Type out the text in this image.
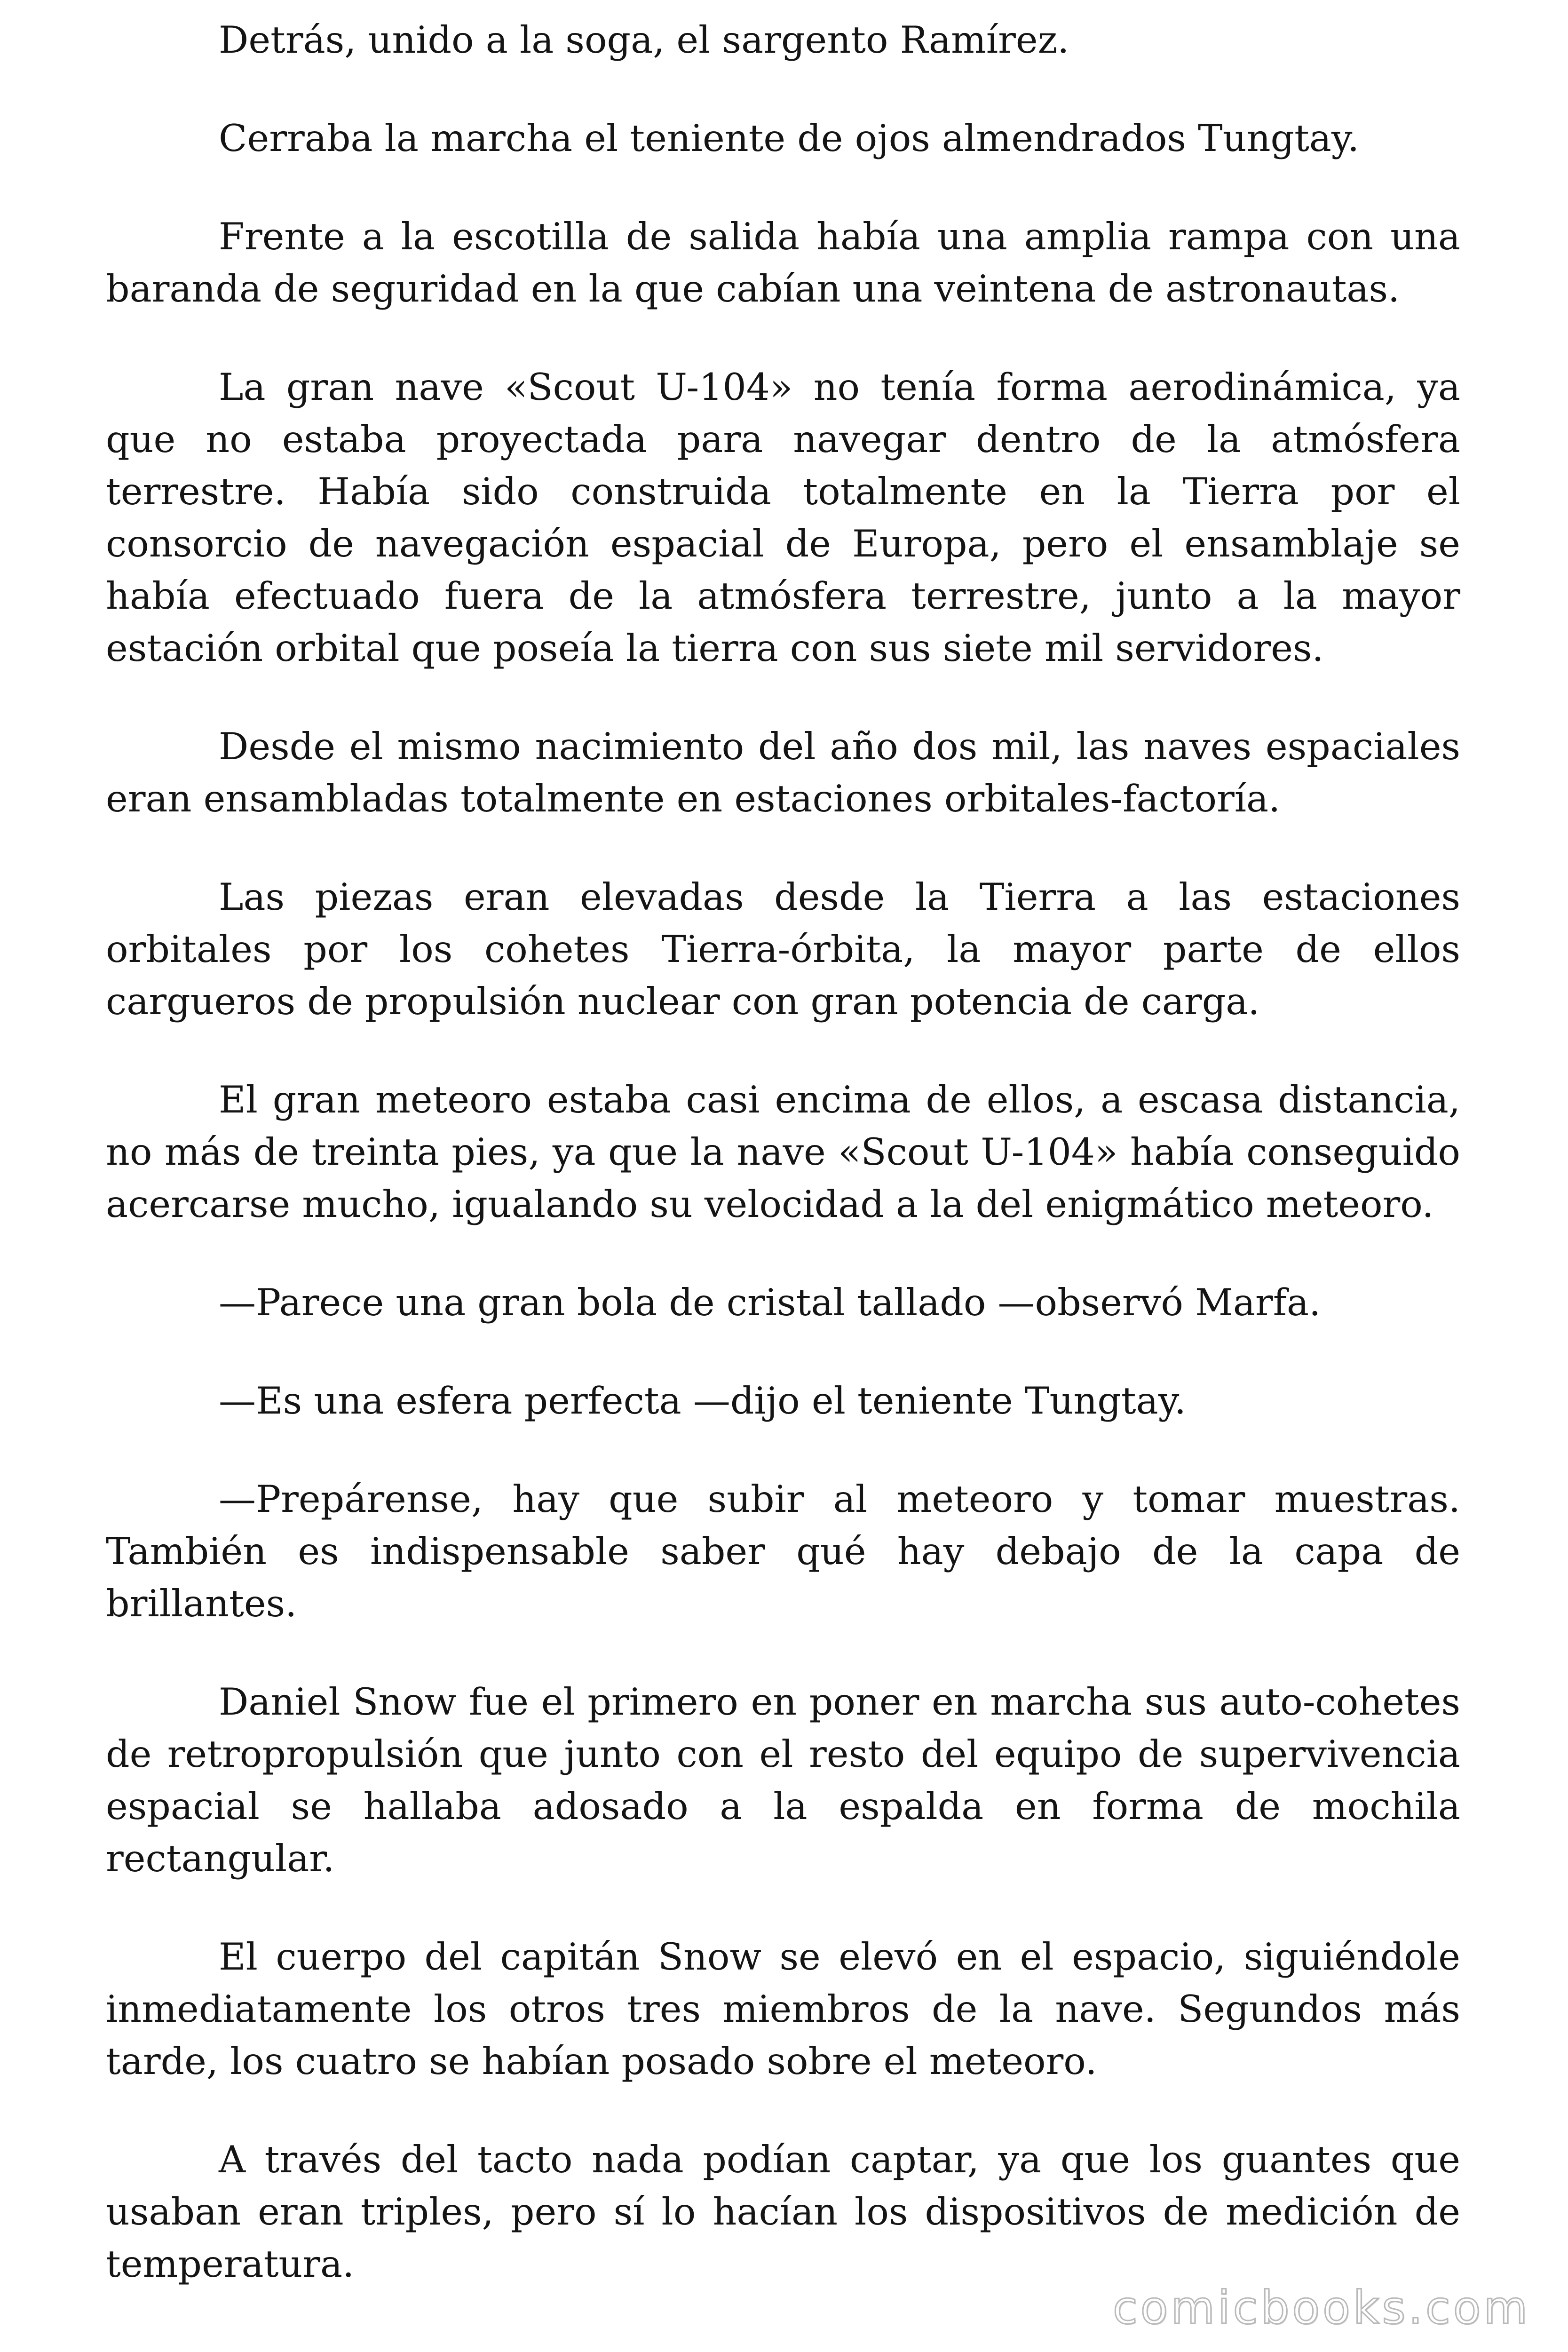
Detrás, unido a la soga, el sargento Ramírez.

Cerraba la marcha el teniente de ojos almendrados Tungtay.

Frente a la escotilla de salida había una amplia rampa con una baranda de seguridad en la que cabían una veintena de astronautas.

La gran nave «Scout U-104» no tenía forma aerodinámica, ya que no estaba proyectada para navegar dentro de la atmósfera terrestre. Había sido construida totalmente en la Tierra por el consorcio de navegación espacial de Europa, pero el ensamblaje se había efectuado fuera de la atmósfera terrestre, junto a la mayor estación orbital que poseía la tierra con sus siete mil servidores.

Desde el mismo nacimiento del año dos mil, las naves espaciales eran ensambladas totalmente en estaciones orbitales-factoría.

Las piezas eran elevadas desde la Tierra a las estaciones orbitales por los cohetes Tierra-órbita, la mayor parte de ellos cargueros de propulsión nuclear con gran potencia de carga.

El gran meteoro estaba casi encima de ellos, a escasa distancia, no más de treinta pies, ya que la nave «Scout U-104» había conseguido acercarse mucho, igualando su velocidad a la del enigmático meteoro.

—Parece una gran bola de cristal tallado —observó Marfa.

—Es una esfera perfecta —dijo el teniente Tungtay.

—Prepárense, hay que subir al meteoro y tomar muestras. También es indispensable saber qué hay debajo de la capa de brillantes.

Daniel Snow fue el primero en poner en marcha sus auto-cohetes de retropropulsión que junto con el resto del equipo de supervivencia espacial se hallaba adosado a la espalda en forma de mochila rectangular.

El cuerpo del capitán Snow se elevó en el espacio, siguiéndole inmediatamente los otros tres miembros de la nave. Segundos más tarde, los cuatro se habían posado sobre el meteoro.

A través del tacto nada podían captar, ya que los guantes que usaban eran triples, pero sí lo hacían los dispositivos de medición de temperatura.

comicbooks.com
